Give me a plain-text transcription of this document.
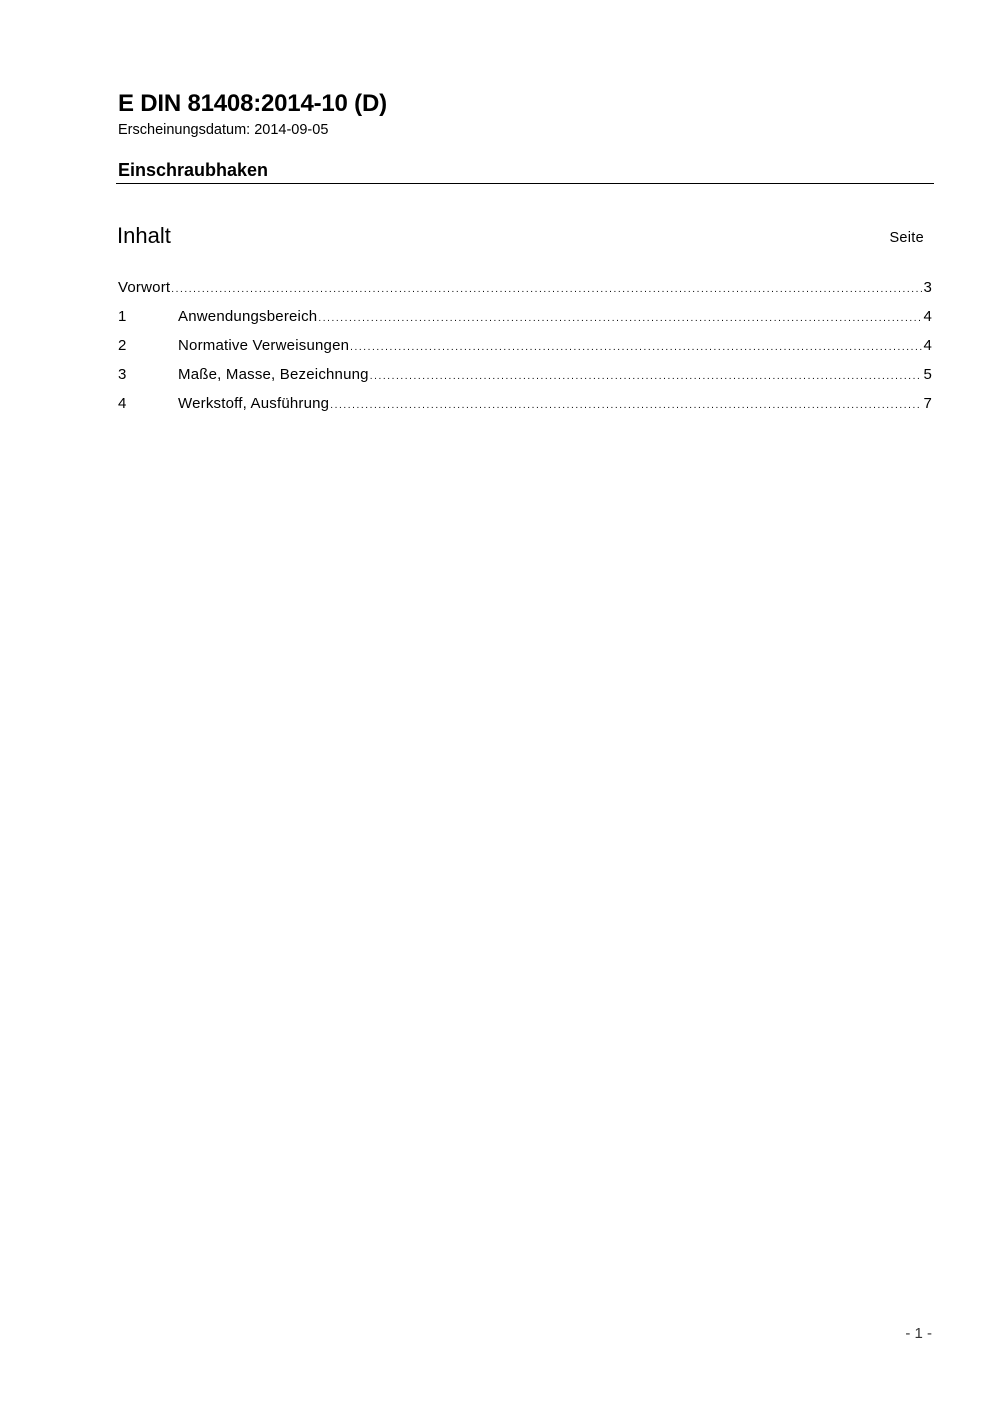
E DIN 81408:2014-10 (D)
Erscheinungsdatum: 2014-09-05
Einschraubhaken
Inhalt	Seite
Vorwort .....	3
1	Anwendungsbereich .....	4
2	Normative Verweisungen .....	4
3	Maße, Masse, Bezeichnung .....	5
4	Werkstoff, Ausführung .....	7
- 1 -
